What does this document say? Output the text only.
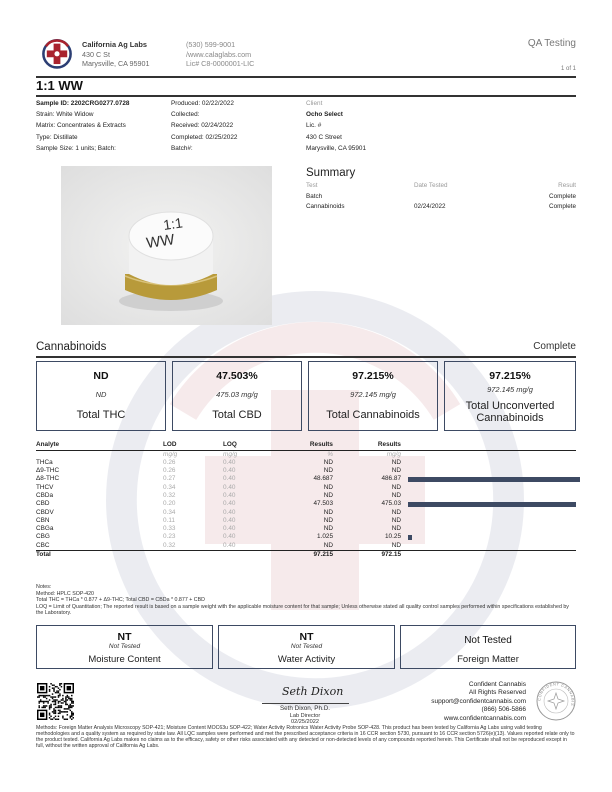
California Ag Labs
430 C St
Marysville, CA 95901
(530) 599-9001
/www.calaglabs.com
Lic# C8-0000001-LIC
QA Testing
1 of 1
1:1 WW
Sample ID: 2202CRG0277.0728
Strain: White Widow
Matrix: Concentrates & Extracts
Type: Distillate
Sample Size: 1 units; Batch:
Produced: 02/22/2022
Collected:
Received: 02/24/2022
Completed: 02/25/2022
Batch#:
Client
Ocho Select
Lic. #
430 C Street
Marysville, CA 95901
1:1
WW
Summary
Test	Date Tested	Result
Batch		Complete
Cannabinoids	02/24/2022	Complete
Cannabinoids	Complete
ND
ND
Total THC
47.503%
475.03 mg/g
Total CBD
97.215%
972.145 mg/g
Total Cannabinoids
97.215%
972.145 mg/g
Total Unconverted Cannabinoids
Analyte	LOD	LOQ	Results	Results	
	mg/g	mg/g	%	mg/g	
THCa	0.26	0.40	ND	ND	
Δ9-THC	0.26	0.40	ND	ND	
Δ8-THC	0.27	0.40	48.687	486.87	

THCV	0.34	0.40	ND	ND	
CBDa	0.32	0.40	ND	ND	
CBD	0.20	0.40	47.503	475.03	

CBDV	0.34	0.40	ND	ND	
CBN	0.11	0.40	ND	ND	
CBGa	0.33	0.40	ND	ND	
CBG	0.23	0.40	1.025	10.25	

CBC	0.32	0.40	ND	ND	
Total			97.215	972.15	
Notes:
Method: HPLC SOP-420
Total THC = THCa * 0.877 + Δ9-THC; Total CBD = CBDa * 0.877 + CBD
LOQ = Limit of Quantitation; The reported result is based on a sample weight with the applicable moisture content for that sample; Unless otherwise stated all quality control samples performed within specifications established by the Laboratory.
NT
Not Tested
Moisture Content
NT
Not Tested
Water Activity
Not Tested
Foreign Matter
Seth Dixon
Seth Dixon, Ph.D.
Lab Director
02/25/2022
Confident Cannabis
All Rights Reserved
support@confidentcannabis.com
(866) 506-5866
www.confidentcannabis.com
CONFIDENT CANNABIS
Methods: Foreign Matter Analysis Microscopy SOP-421; Moisture Content MOC63u SOP-422; Water Activity Rotronics Water Activity Probe SOP-428. This product has been tested by California Ag Labs using valid testing methodologies and a quality system as required by state law. All LQC samples were performed and met the prescribed acceptance criteria in 16 CCR section 5730, pursuant to 16 CCR section 5726(e)(13). Values reported relate only to the product tested. California Ag Labs makes no claims as to the efficacy, safety or other risks associated with any detected or non-detected levels of any compounds reported herein. This Certificate shall not be reproduced except in full, without the written approval of California Ag Labs.
